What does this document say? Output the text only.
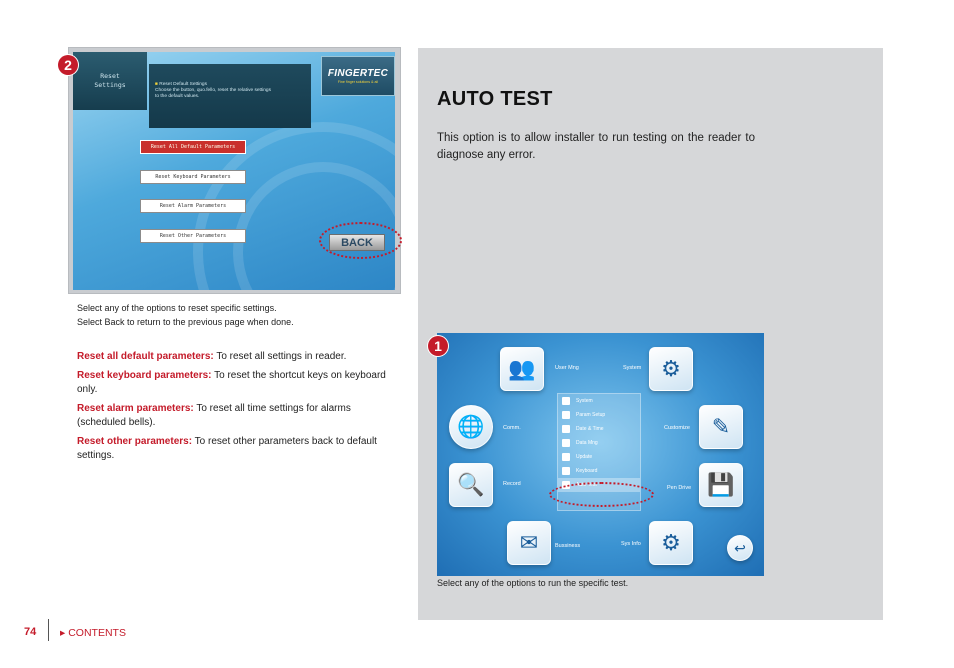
Reset
Settings	■ Reset Default Settings
Choose the button, quo.fello, reset the relative settings
to the default values.
FINGERTEC
Fine finger solutions & all
Reset All Default Parameters
Reset Keyboard Parameters
Reset Alarm Parameters
Reset Other Parameters
BACK
2
Select any of the options to reset specific settings.
Select Back to return to the previous page when done.
Reset all default parameters: To reset all settings in reader.
Reset keyboard parameters: To reset the shortcut keys on keyboard only.
Reset alarm parameters: To reset all time settings for alarms (scheduled bells).
Reset other parameters: To reset other parameters back to default settings.
AUTO TEST
This option is to allow installer to run testing on the reader to diagnose any error.
👥	User Mng	⚙
System
🌐	Comm.	✎
Customize
🔍	Record	💾
Pen Drive
✉	Bussiness	⚙
Sys Info	↩
System
Param Setup
Date & Time
Data Mng
Update
Keyboard
Auto Test
1
Select any of the options to run the specific test.
74 ▸ CONTENTS
